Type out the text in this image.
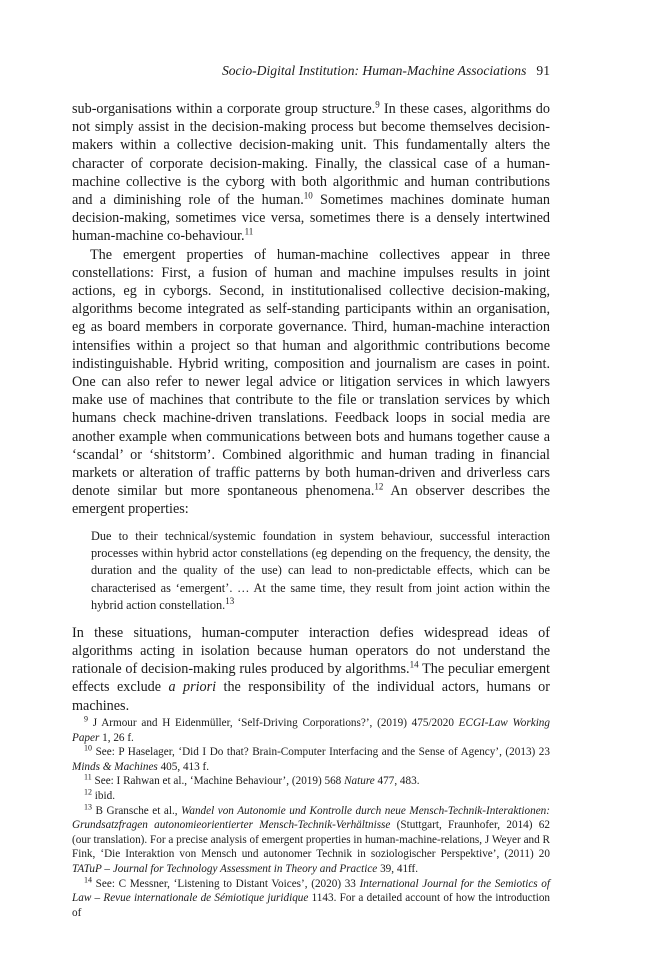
Socio-Digital Institution: Human-Machine Associations 91

sub-organisations within a corporate group structure.$^9$ In these cases, algorithms do not simply assist in the decision-making process but become themselves decision-makers within a collective decision-making unit. This fundamentally alters the character of corporate decision-making. Finally, the classical case of a human-machine collective is the cyborg with both algorithmic and human contributions and a diminishing role of the human.$^{10}$ Sometimes machines dominate human decision-making, sometimes vice versa, sometimes there is a densely intertwined human-machine co-behaviour.$^{11}$

The emergent properties of human-machine collectives appear in three constellations: First, a fusion of human and machine impulses results in joint actions, eg in cyborgs. Second, in institutionalised collective decision-making, algorithms become integrated as self-standing participants within an organisation, eg as board members in corporate governance. Third, human-machine interaction intensifies within a project so that human and algorithmic contributions become indistinguishable. Hybrid writing, composition and journalism are cases in point. One can also refer to newer legal advice or litigation services in which lawyers make use of machines that contribute to the file or translation services by which humans check machine-driven translations. Feedback loops in social media are another example when communications between bots and humans together cause a ‘scandal’ or ‘shitstorm’. Combined algorithmic and human trading in financial markets or alteration of traffic patterns by both human-driven and driverless cars denote similar but more spontaneous phenomena.$^{12}$ An observer describes the emergent properties:

Due to their technical/systemic foundation in system behaviour, successful interaction processes within hybrid actor constellations (eg depending on the frequency, the density, the duration and the quality of the use) can lead to non-predictable effects, which can be characterised as ‘emergent’. … At the same time, they result from joint action within the hybrid action constellation.$^{13}$

In these situations, human-computer interaction defies widespread ideas of algorithms acting in isolation because human operators do not understand the rationale of decision-making rules produced by algorithms.$^{14}$ The peculiar emergent effects exclude a priori the responsibility of the individual actors, humans or machines.

$^9$ J Armour and H Eidenmüller, ‘Self-Driving Corporations?’, (2019) 475/2020 ECGI-Law Working Paper 1, 26 f.

$^{10}$ See: P Haselager, ‘Did I Do that? Brain-Computer Interfacing and the Sense of Agency’, (2013) 23 Minds & Machines 405, 413 f.

$^{11}$ See: I Rahwan et al., ‘Machine Behaviour’, (2019) 568 Nature 477, 483.

$^{12}$ ibid.

$^{13}$ B Gransche et al., Wandel von Autonomie und Kontrolle durch neue Mensch-Technik-Interaktionen: Grundsatzfragen autonomieorientierter Mensch-Technik-Verhältnisse (Stuttgart, Fraunhofer, 2014) 62 (our translation). For a precise analysis of emergent properties in human-machine-relations, J Weyer and R Fink, ‘Die Interaktion von Mensch und autonomer Technik in soziologischer Perspektive’, (2011) 20 TATuP – Journal for Technology Assessment in Theory and Practice 39, 41ff.

$^{14}$ See: C Messner, ‘Listening to Distant Voices’, (2020) 33 International Journal for the Semiotics of Law – Revue internationale de Sémiotique juridique 1143. For a detailed account of how the introduction of
